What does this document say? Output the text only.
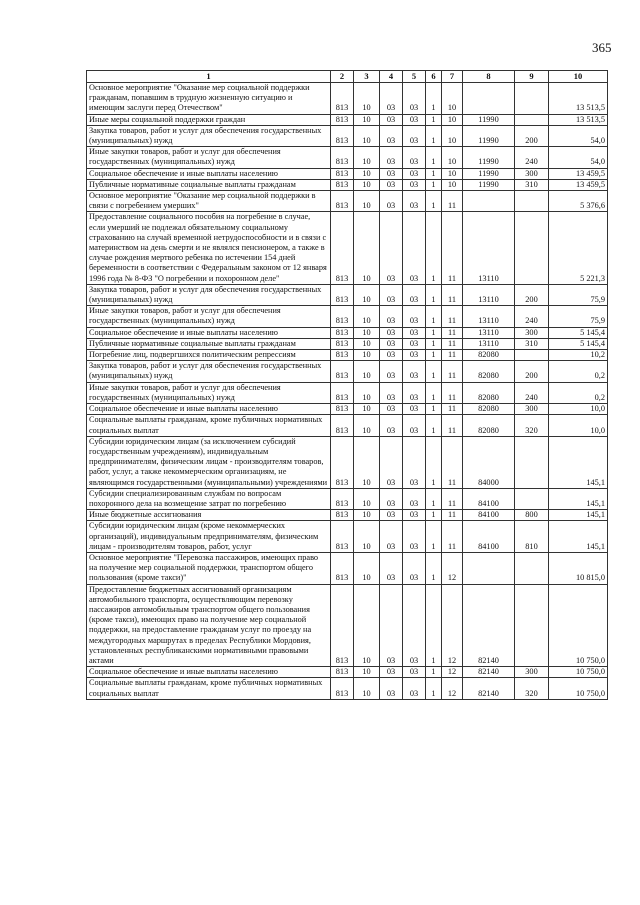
365
1	2	3	4	5	6	7	8	9	10
Основное мероприятие "Оказание мер социальной поддержки гражданам, попавшим в трудную жизненную ситуацию и имеющим заслуги перед Отечеством"	813	10	03	03	1	10			13 513,5
Иные меры социальной поддержки граждан	813	10	03	03	1	10	11990		13 513,5
Закупка товаров, работ и услуг для обеспечения государственных (муниципальных) нужд	813	10	03	03	1	10	11990	200	54,0
Иные закупки товаров, работ и услуг для обеспечения государственных (муниципальных) нужд	813	10	03	03	1	10	11990	240	54,0
Социальное обеспечение и иные выплаты населению	813	10	03	03	1	10	11990	300	13 459,5
Публичные нормативные социальные выплаты гражданам	813	10	03	03	1	10	11990	310	13 459,5
Основное мероприятие "Оказание мер социальной поддержки в связи с погребением умерших"	813	10	03	03	1	11			5 376,6
Предоставление социального пособия на погребение в случае, если умерший не подлежал обязательному социальному страхованию на случай временной нетрудоспособности и в связи с материнством на день смерти и не являлся пенсионером, а также в случае рождения мертвого ребенка по истечении 154 дней беременности в соответствии с Федеральным законом от 12 января 1996 года № 8-ФЗ "О погребении и похоронном деле"	813	10	03	03	1	11	13110		5 221,3
Закупка товаров, работ и услуг для обеспечения государственных (муниципальных) нужд	813	10	03	03	1	11	13110	200	75,9
Иные закупки товаров, работ и услуг для обеспечения государственных (муниципальных) нужд	813	10	03	03	1	11	13110	240	75,9
Социальное обеспечение и иные выплаты населению	813	10	03	03	1	11	13110	300	5 145,4
Публичные нормативные социальные выплаты гражданам	813	10	03	03	1	11	13110	310	5 145,4
Погребение лиц, подвергшихся политическим репрессиям	813	10	03	03	1	11	82080		10,2
Закупка товаров, работ и услуг для обеспечения государственных (муниципальных) нужд	813	10	03	03	1	11	82080	200	0,2
Иные закупки товаров, работ и услуг для обеспечения государственных (муниципальных) нужд	813	10	03	03	1	11	82080	240	0,2
Социальное обеспечение и иные выплаты населению	813	10	03	03	1	11	82080	300	10,0
Социальные выплаты гражданам, кроме публичных нормативных социальных выплат	813	10	03	03	1	11	82080	320	10,0
Субсидии юридическим лицам (за исключением субсидий государственным учреждениям), индивидуальным предпринимателям, физическим лицам - производителям товаров, работ, услуг, а также некоммерческим организациям, не являющимся государственными (муниципальными) учреждениями	813	10	03	03	1	11	84000		145,1
Субсидии специализированным службам по вопросам похоронного дела на возмещение затрат по погребению	813	10	03	03	1	11	84100		145,1
Иные бюджетные ассигнования	813	10	03	03	1	11	84100	800	145,1
Субсидии юридическим лицам (кроме некоммерческих организаций), индивидуальным предпринимателям, физическим лицам - производителям товаров, работ, услуг	813	10	03	03	1	11	84100	810	145,1
Основное мероприятие "Перевозка пассажиров, имеющих право на получение мер социальной поддержки, транспортом общего пользования (кроме такси)"	813	10	03	03	1	12			10 815,0
Предоставление бюджетных ассигнований организациям автомобильного транспорта, осуществляющим перевозку пассажиров автомобильным транспортом общего пользования (кроме такси), имеющих право на получение мер социальной поддержки, на предоставление гражданам услуг по проезду на междугородных маршрутах в пределах Республики Мордовия, установленных республиканскими нормативными правовыми актами	813	10	03	03	1	12	82140		10 750,0
Социальное обеспечение и иные выплаты населению	813	10	03	03	1	12	82140	300	10 750,0
Социальные выплаты гражданам, кроме публичных нормативных социальных выплат	813	10	03	03	1	12	82140	320	10 750,0
